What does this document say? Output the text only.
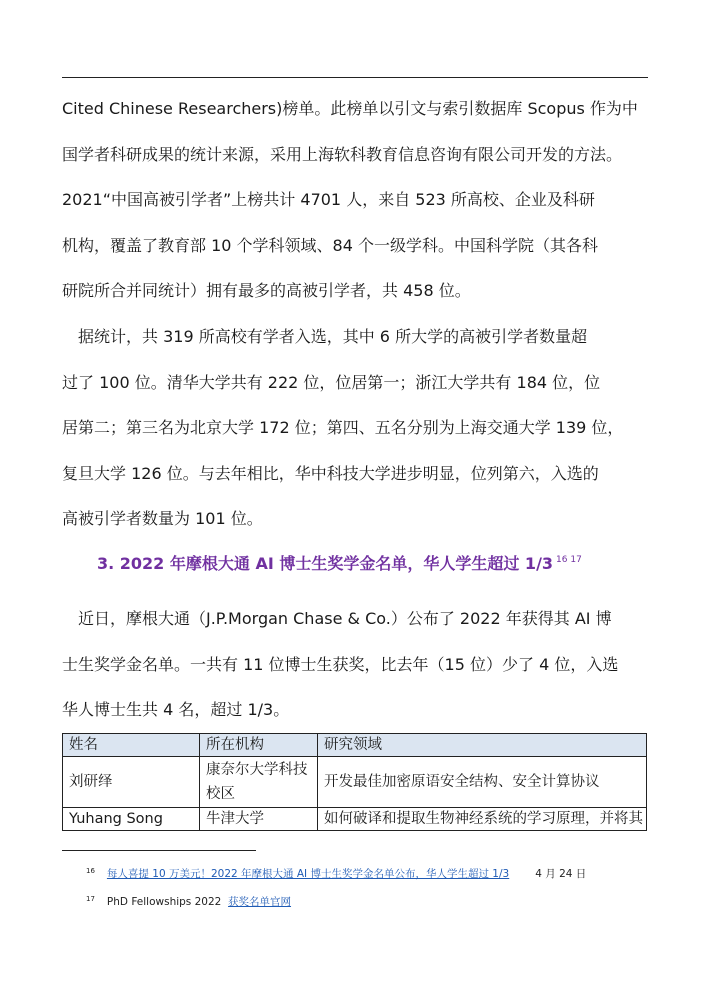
Cited Chinese Researchers)榜单。此榜单以引文与索引数据库 Scopus 作为中
国学者科研成果的统计来源，采用上海软科教育信息咨询有限公司开发的方法。
2021“中国高被引学者”上榜共计 4701 人，来自 523 所高校、企业及科研
机构，覆盖了教育部 10 个学科领域、84 个一级学科。中国科学院（其各科
研院所合并同统计）拥有最多的高被引学者，共 458 位。
　据统计，共 319 所高校有学者入选，其中 6 所大学的高被引学者数量超
过了 100 位。清华大学共有 222 位，位居第一；浙江大学共有 184 位，位
居第二；第三名为北京大学 172 位；第四、五名分别为上海交通大学 139 位，
复旦大学 126 位。与去年相比，华中科技大学进步明显，位列第六，入选的
高被引学者数量为 101 位。
3. 2022 年摩根大通 AI 博士生奖学金名单，华人学生超过 1/3 $^{16 17}$
　近日，摩根大通（J.P.Morgan Chase & Co.）公布了 2022 年获得其 AI 博
士生奖学金名单。一共有 11 位博士生获奖，比去年（15 位）少了 4 位，入选
华人博士生共 4 名，超过 1/3。
姓名	所在机构	研究领域
刘研绎	康奈尔大学科技校区	开发最佳加密原语安全结构、安全计算协议
Yuhang Song	牛津大学	如何破译和提取生物神经系统的学习原理，并将其
$^{16}$ 每人喜提 10 万美元！2022 年摩根大通 AI 博士生奖学金名单公布，华人学生超过 1/3 4 月 24 日
$^{17}$ PhD Fellowships 2022 获奖名单官网
